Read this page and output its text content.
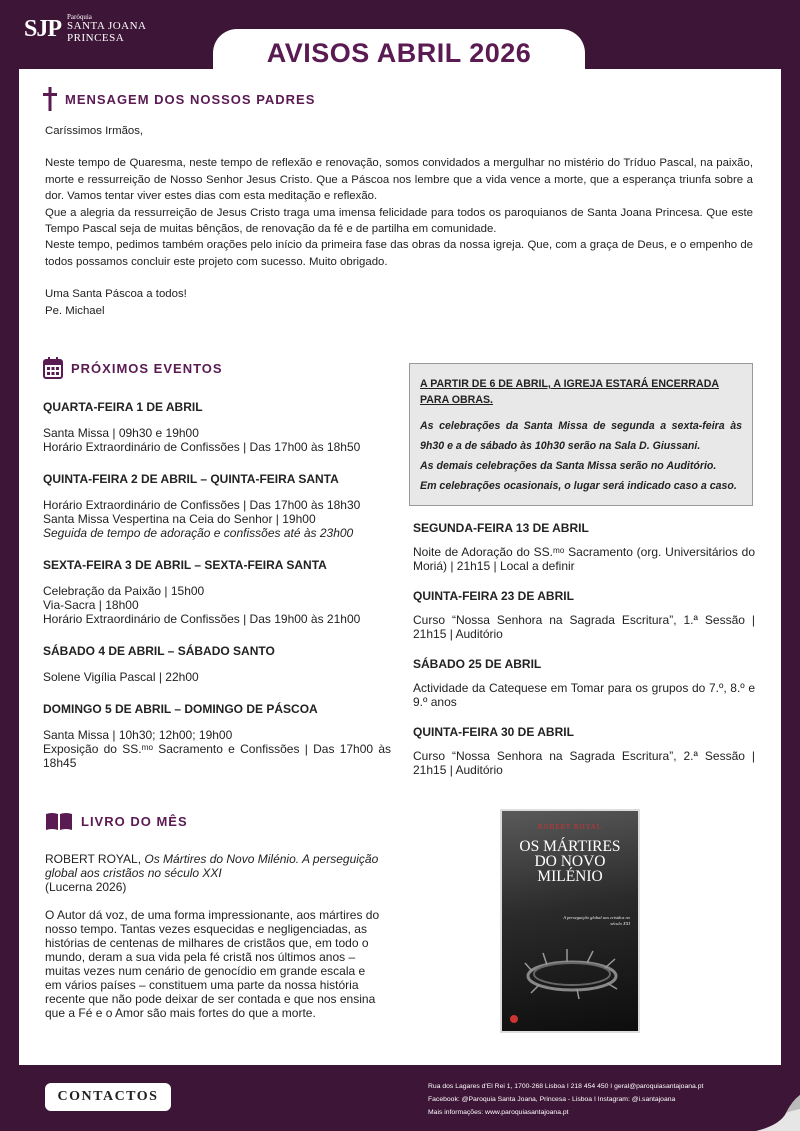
SJP Paróquia
SANTA JOANA
PRINCESA
AVISOS ABRIL 2026
MENSAGEM DOS NOSSOS PADRES

Caríssimos Irmãos,

Neste tempo de Quaresma, neste tempo de reflexão e renovação, somos convidados a mergulhar no mistério do Tríduo Pascal, na paixão, morte e ressurreição de Nosso Senhor Jesus Cristo. Que a Páscoa nos lembre que a vida vence a morte, que a esperança triunfa sobre a dor. Vamos tentar viver estes dias com esta meditação e reflexão.

Que a alegria da ressurreição de Jesus Cristo traga uma imensa felicidade para todos os paroquianos de Santa Joana Princesa. Que este Tempo Pascal seja de muitas bênçãos, de renovação da fé e de partilha em comunidade.

Neste tempo, pedimos também orações pelo início da primeira fase das obras da nossa igreja. Que, com a graça de Deus, e o empenho de todos possamos concluir este projeto com sucesso. Muito obrigado.

Uma Santa Páscoa a todos!

Pe. Michael

PRÓXIMOS EVENTOS
QUARTA-FEIRA 1 DE ABRIL
Santa Missa | 09h30 e 19h00
Horário Extraordinário de Confissões | Das 17h00 às 18h50
QUINTA-FEIRA 2 DE ABRIL – QUINTA-FEIRA SANTA
Horário Extraordinário de Confissões | Das 17h00 às 18h30
Santa Missa Vespertina na Ceia do Senhor | 19h00
Seguida de tempo de adoração e confissões até às 23h00
SEXTA-FEIRA 3 DE ABRIL – SEXTA-FEIRA SANTA
Celebração da Paixão | 15h00
Via-Sacra | 18h00
Horário Extraordinário de Confissões | Das 19h00 às 21h00
SÁBADO 4 DE ABRIL – SÁBADO SANTO
Solene Vigília Pascal | 22h00
DOMINGO 5 DE ABRIL – DOMINGO DE PÁSCOA
Santa Missa | 10h30; 12h00; 19h00
Exposição do SS.ᵐᵒ Sacramento e Confissões | Das 17h00 às 18h45
A PARTIR DE 6 DE ABRIL, A IGREJA ESTARÁ ENCERRADA PARA OBRAS.
As celebrações da Santa Missa de segunda a sexta-feira às 9h30 e a de sábado às 10h30 serão na Sala D. Giussani.
As demais celebrações da Santa Missa serão no Auditório.
Em celebrações ocasionais, o lugar será indicado caso a caso.
SEGUNDA-FEIRA 13 DE ABRIL
Noite de Adoração do SS.ᵐᵒ Sacramento (org. Universitários do Moriá) | 21h15 | Local a definir
QUINTA-FEIRA 23 DE ABRIL
Curso “Nossa Senhora na Sagrada Escritura”, 1.ª Sessão | 21h15 | Auditório
SÁBADO 25 DE ABRIL
Actividade da Catequese em Tomar para os grupos do 7.º, 8.º e 9.º anos
QUINTA-FEIRA 30 DE ABRIL
Curso “Nossa Senhora na Sagrada Escritura”, 2.ª Sessão | 21h15 | Auditório
LIVRO DO MÊS
ROBERT ROYAL, Os Mártires do Novo Milénio. A perseguição global aos cristãos no século XXI
(Lucerna 2026)
O Autor dá voz, de uma forma impressionante, aos mártires do nosso tempo. Tantas vezes esquecidas e negligenciadas, as histórias de centenas de milhares de cristãos que, em todo o mundo, deram a sua vida pela fé cristã nos últimos anos – muitas vezes num cenário de genocídio em grande escala e em vários países – constituem uma parte da nossa história recente que não pode deixar de ser contada e que nos ensina que a Fé e o Amor são mais fortes do que a morte.
ROBERT ROYAL
OS MÁRTIRES
DO NOVO
MILÉNIO
A perseguição global aos cristãos no século XXI
CONTACTOS
Rua dos Lagares d'El Rei 1, 1700-268 Lisboa I 218 454 450 I geral@paroquiasantajoana.pt
Facebook: @Paroquia Santa Joana, Princesa - Lisboa I Instagram: @i.santajoana
Mais informações: www.paroquiasantajoana.pt
